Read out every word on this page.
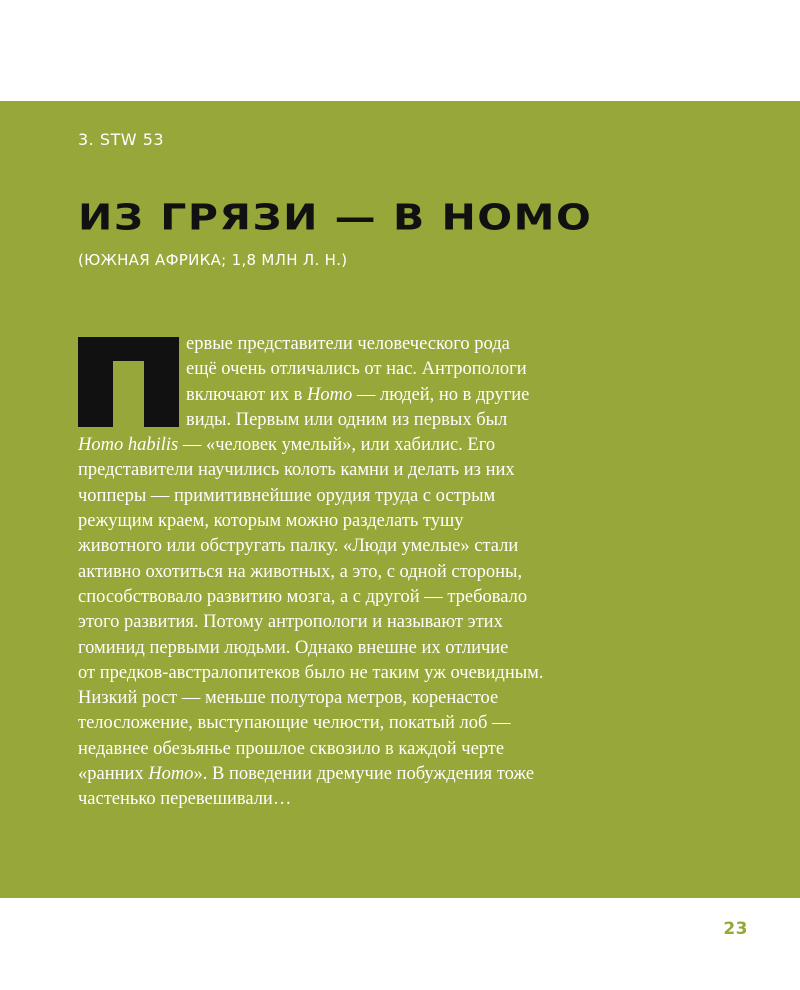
3. STW 53
ИЗ ГРЯЗИ — В НОМО
(ЮЖНАЯ АФРИКА; 1,8 МЛН Л. Н.)
ервые представители человеческого рода
ещё очень отличались от нас. Антропологи
включают их в Homo — людей, но в другие
виды. Первым или одним из первых был
Homo habilis — «человек умелый», или хабилис. Его
представители научились колоть камни и делать из них
чопперы — примитивнейшие орудия труда с острым
режущим краем, которым можно разделать тушу
животного или обстругать палку. «Люди умелые» стали
активно охотиться на животных, а это, с одной стороны,
способствовало развитию мозга, а с другой — требовало
этого развития. Потому антропологи и называют этих
гоминид первыми людьми. Однако внешне их отличие
от предков-австралопитеков было не таким уж очевидным.
Низкий рост — меньше полутора метров, коренастое
телосложение, выступающие челюсти, покатый лоб —
недавнее обезьянье прошлое сквозило в каждой черте
«ранних Homo». В поведении дремучие побуждения тоже
частенько перевешивали…
23
